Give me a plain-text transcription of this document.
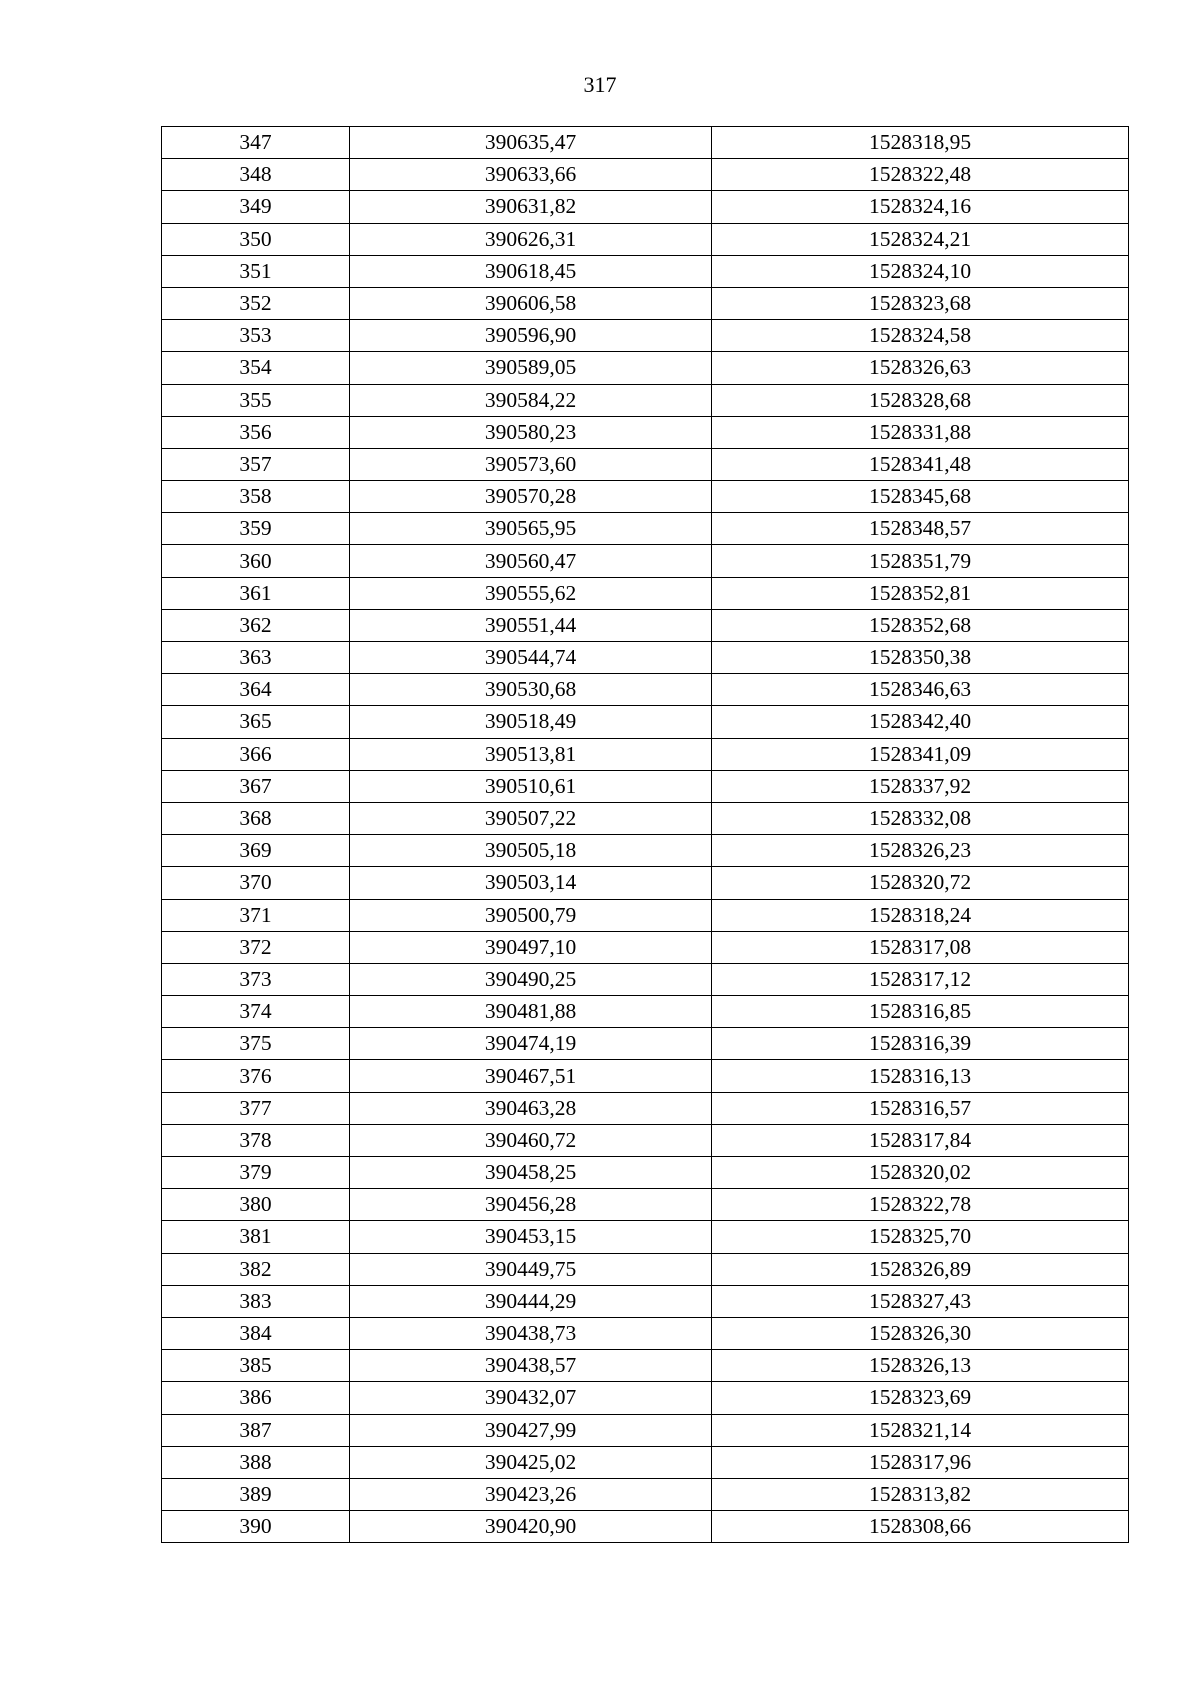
317
347	390635,47	1528318,95
348	390633,66	1528322,48
349	390631,82	1528324,16
350	390626,31	1528324,21
351	390618,45	1528324,10
352	390606,58	1528323,68
353	390596,90	1528324,58
354	390589,05	1528326,63
355	390584,22	1528328,68
356	390580,23	1528331,88
357	390573,60	1528341,48
358	390570,28	1528345,68
359	390565,95	1528348,57
360	390560,47	1528351,79
361	390555,62	1528352,81
362	390551,44	1528352,68
363	390544,74	1528350,38
364	390530,68	1528346,63
365	390518,49	1528342,40
366	390513,81	1528341,09
367	390510,61	1528337,92
368	390507,22	1528332,08
369	390505,18	1528326,23
370	390503,14	1528320,72
371	390500,79	1528318,24
372	390497,10	1528317,08
373	390490,25	1528317,12
374	390481,88	1528316,85
375	390474,19	1528316,39
376	390467,51	1528316,13
377	390463,28	1528316,57
378	390460,72	1528317,84
379	390458,25	1528320,02
380	390456,28	1528322,78
381	390453,15	1528325,70
382	390449,75	1528326,89
383	390444,29	1528327,43
384	390438,73	1528326,30
385	390438,57	1528326,13
386	390432,07	1528323,69
387	390427,99	1528321,14
388	390425,02	1528317,96
389	390423,26	1528313,82
390	390420,90	1528308,66
